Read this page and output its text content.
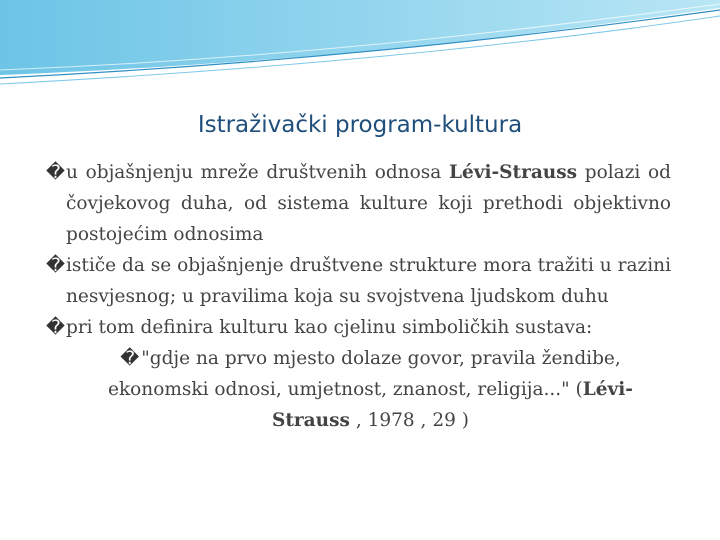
Istraživački program-kultura

� u objašnjenju mreže društvenih odnosa Lévi-Strauss polazi od čovjekovog duha, od sistema kulture koji prethodi objektivno postojećim odnosima

� ističe da se objašnjenje društvene strukture mora tražiti u razini nesvjesnog; u pravilima koja su svojstvena ljudskom duhu

� pri tom definira kulturu kao cjelinu simboličkih sustava:

� "gdje na prvo mjesto dolaze govor, pravila žendibe, ekonomski odnosi, umjetnost, znanost, religija..." (Lévi-Strauss , 1978 , 29 )
